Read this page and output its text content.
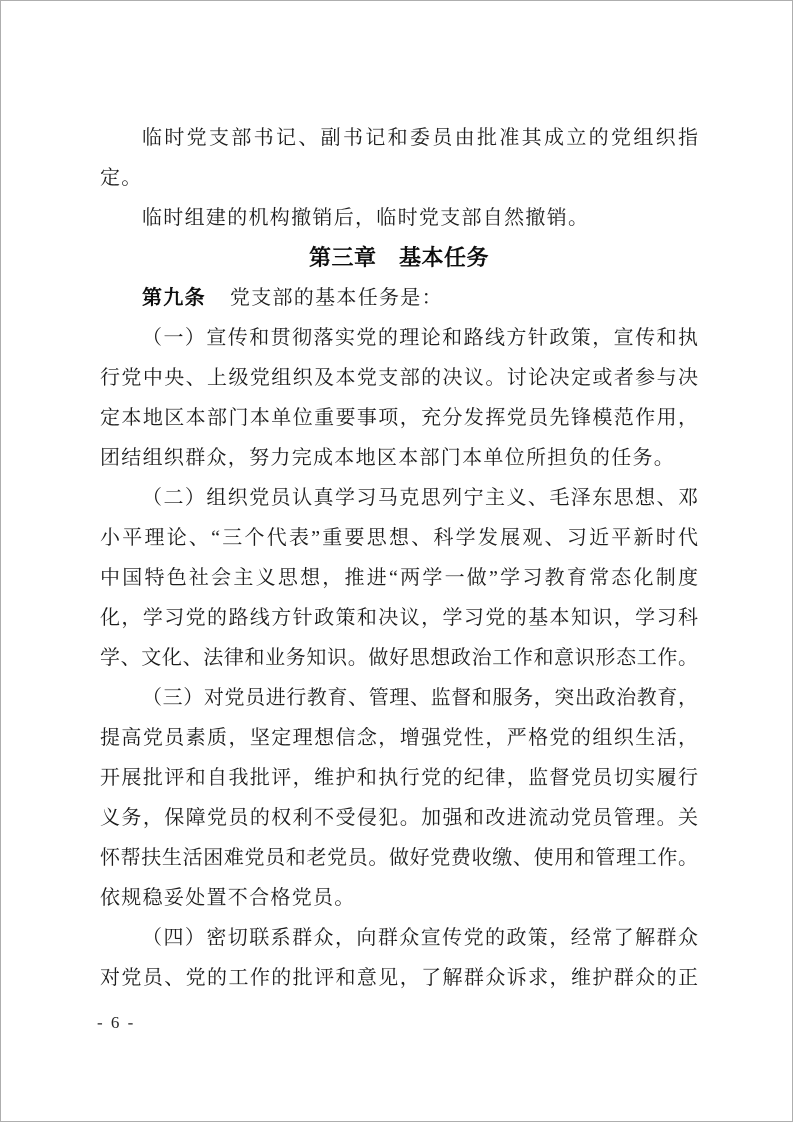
临时党支部书记、副书记和委员由批准其成立的党组织指
定。
临时组建的机构撤销后，临时党支部自然撤销。
第三章　基本任务
第九条 党支部的基本任务是：
（一）宣传和贯彻落实党的理论和路线方针政策，宣传和执
行党中央、上级党组织及本党支部的决议。讨论决定或者参与决
定本地区本部门本单位重要事项，充分发挥党员先锋模范作用，
团结组织群众，努力完成本地区本部门本单位所担负的任务。
（二）组织党员认真学习马克思列宁主义、毛泽东思想、邓
小平理论、“三个代表”重要思想、科学发展观、习近平新时代
中国特色社会主义思想，推进“两学一做”学习教育常态化制度
化，学习党的路线方针政策和决议，学习党的基本知识，学习科
学、文化、法律和业务知识。做好思想政治工作和意识形态工作。
（三）对党员进行教育、管理、监督和服务，突出政治教育，
提高党员素质，坚定理想信念，增强党性，严格党的组织生活，
开展批评和自我批评，维护和执行党的纪律，监督党员切实履行
义务，保障党员的权利不受侵犯。加强和改进流动党员管理。关
怀帮扶生活困难党员和老党员。做好党费收缴、使用和管理工作。
依规稳妥处置不合格党员。
（四）密切联系群众，向群众宣传党的政策，经常了解群众
对党员、党的工作的批评和意见，了解群众诉求，维护群众的正
- 6 -
